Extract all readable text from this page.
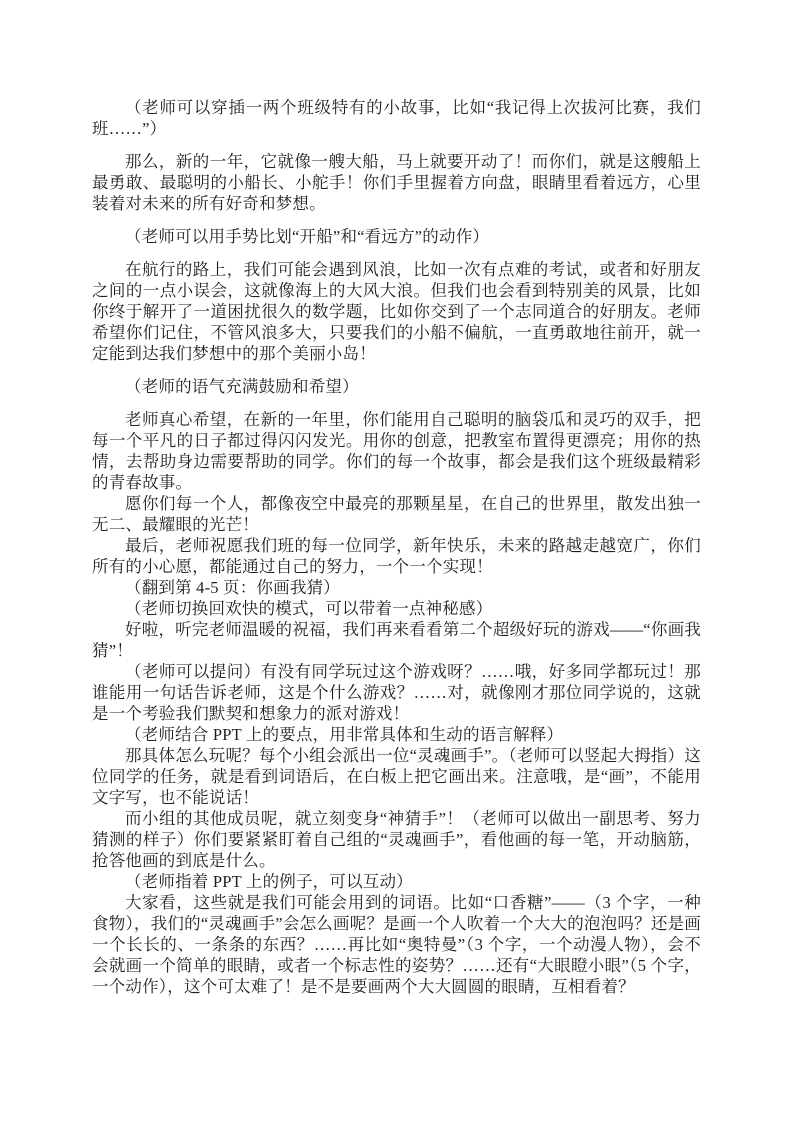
（老师可以穿插一两个班级特有的小故事，比如“我记得上次拔河比赛，我们班……”）

那么，新的一年，它就像一艘大船，马上就要开动了！而你们，就是这艘船上最勇敢、最聪明的小船长、小舵手！你们手里握着方向盘，眼睛里看着远方，心里装着对未来的所有好奇和梦想。

（老师可以用手势比划“开船”和“看远方”的动作）

在航行的路上，我们可能会遇到风浪，比如一次有点难的考试，或者和好朋友之间的一点小误会，这就像海上的大风大浪。但我们也会看到特别美的风景，比如你终于解开了一道困扰很久的数学题，比如你交到了一个志同道合的好朋友。老师希望你们记住，不管风浪多大，只要我们的小船不偏航，一直勇敢地往前开，就一定能到达我们梦想中的那个美丽小岛！

（老师的语气充满鼓励和希望）

老师真心希望，在新的一年里，你们能用自己聪明的脑袋瓜和灵巧的双手，把每一个平凡的日子都过得闪闪发光。用你的创意，把教室布置得更漂亮；用你的热情，去帮助身边需要帮助的同学。你们的每一个故事，都会是我们这个班级最精彩的青春故事。

愿你们每一个人，都像夜空中最亮的那颗星星，在自己的世界里，散发出独一无二、最耀眼的光芒！

最后，老师祝愿我们班的每一位同学，新年快乐，未来的路越走越宽广，你们所有的小心愿，都能通过自己的努力，一个一个实现！

（翻到第 4-5 页：你画我猜）

（老师切换回欢快的模式，可以带着一点神秘感）

好啦，听完老师温暖的祝福，我们再来看看第二个超级好玩的游戏——“你画我猜”！

（老师可以提问）有没有同学玩过这个游戏呀？……哦，好多同学都玩过！那谁能用一句话告诉老师，这是个什么游戏？……对，就像刚才那位同学说的，这就是一个考验我们默契和想象力的派对游戏！

（老师结合 PPT 上的要点，用非常具体和生动的语言解释）

那具体怎么玩呢？每个小组会派出一位“灵魂画手”。（老师可以竖起大拇指）这位同学的任务，就是看到词语后，在白板上把它画出来。注意哦，是“画”，不能用文字写，也不能说话！

而小组的其他成员呢，就立刻变身“神猜手”！（老师可以做出一副思考、努力猜测的样子）你们要紧紧盯着自己组的“灵魂画手”，看他画的每一笔，开动脑筋，抢答他画的到底是什么。

（老师指着 PPT 上的例子，可以互动）

大家看，这些就是我们可能会用到的词语。比如“口香糖”——（3 个字，一种食物），我们的“灵魂画手”会怎么画呢？是画一个人吹着一个大大的泡泡吗？还是画一个长长的、一条条的东西？……再比如“奥特曼”（3 个字，一个动漫人物），会不会就画一个简单的眼睛，或者一个标志性的姿势？……还有“大眼瞪小眼”（5 个字，一个动作），这个可太难了！是不是要画两个大大圆圆的眼睛，互相看着？
